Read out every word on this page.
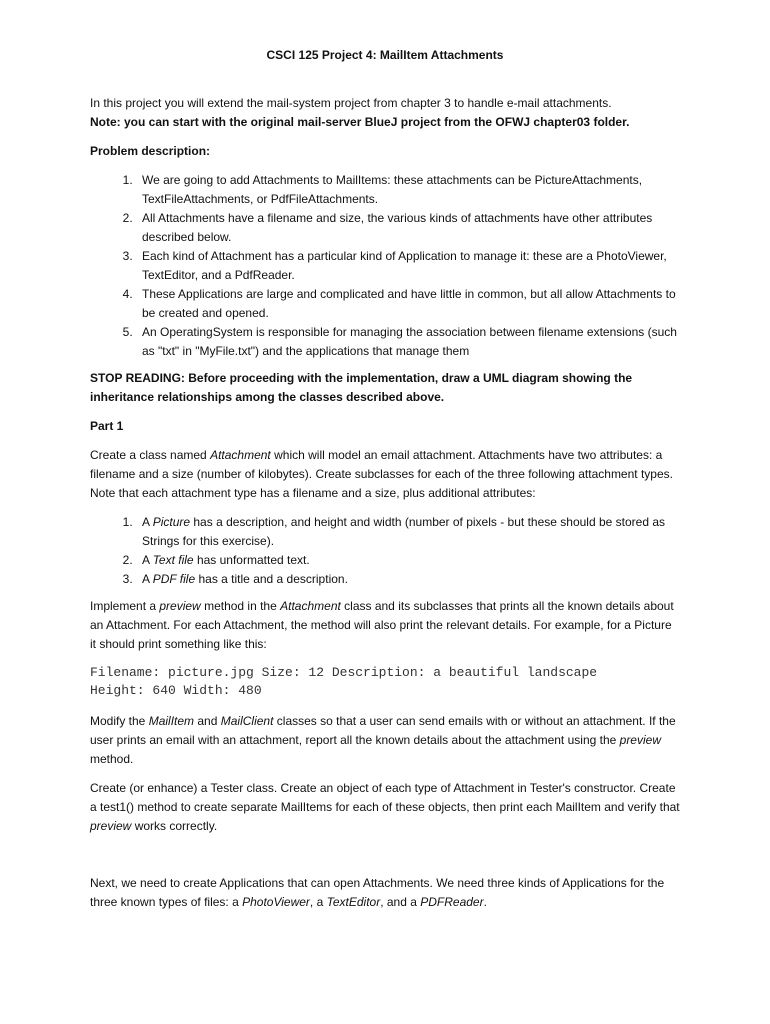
CSCI 125 Project 4: MailItem Attachments

In this project you will extend the mail-system project from chapter 3 to handle e-mail attachments.
Note: you can start with the original mail-server BlueJ project from the OFWJ chapter03 folder.

Problem description:

1. We are going to add Attachments to MailItems: these attachments can be PictureAttachments, TextFileAttachments, or PdfFileAttachments.
2. All Attachments have a filename and size, the various kinds of attachments have other attributes described below.
3. Each kind of Attachment has a particular kind of Application to manage it: these are a PhotoViewer, TextEditor, and a PdfReader.
4. These Applications are large and complicated and have little in common, but all allow Attachments to be created and opened.
5. An OperatingSystem is responsible for managing the association between filename extensions (such as "txt" in "MyFile.txt") and the applications that manage them

STOP READING: Before proceeding with the implementation, draw a UML diagram showing the inheritance relationships among the classes described above.

Part 1

Create a class named Attachment which will model an email attachment. Attachments have two attributes: a filename and a size (number of kilobytes). Create subclasses for each of the three following attachment types. Note that each attachment type has a filename and a size, plus additional attributes:

1. A Picture has a description, and height and width (number of pixels - but these should be stored as Strings for this exercise).
2. A Text file has unformatted text.
3. A PDF file has a title and a description.

Implement a preview method in the Attachment class and its subclasses that prints all the known details about an Attachment. For each Attachment, the method will also print the relevant details. For example, for a Picture it should print something like this:

Filename: picture.jpg Size: 12 Description: a beautiful landscape
Height: 640 Width: 480

Modify the MailItem and MailClient classes so that a user can send emails with or without an attachment. If the user prints an email with an attachment, report all the known details about the attachment using the preview method.

Create (or enhance) a Tester class. Create an object of each type of Attachment in Tester's constructor. Create a test1() method to create separate MailItems for each of these objects, then print each MailItem and verify that preview works correctly.

Next, we need to create Applications that can open Attachments. We need three kinds of Applications for the three known types of files: a PhotoViewer, a TextEditor, and a PDFReader.
